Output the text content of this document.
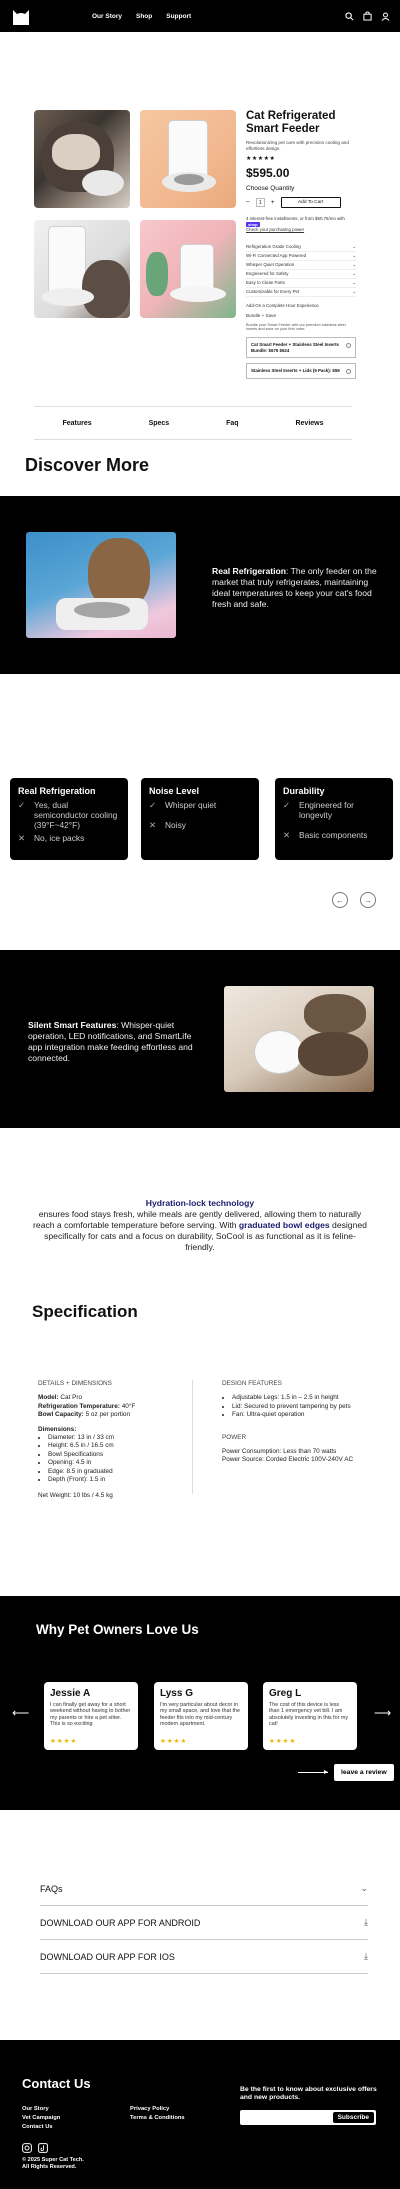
Our Story Shop Support
Cat Refrigerated Smart Feeder
Revolutionizing pet care with precision cooling and effortless design.
★★★★★
$595.00
Choose Quantity
−	1	+	Add To Cart
4 interest-free installments, or from $50.75/mo with shop
Check your purchasing power
Refrigeration Grade Cooling	⌄
Wi-Fi Connected App Powered	⌄
Whisper Quiet Operation	⌄
Engineered for Safety	⌄
Easy to Clean Parts	⌄
Customizable for Every Pet	⌄
Add-On a Complete Hour Experience
Bundle + Save
Bundle your Smart Feeder with our premium stainless steel inserts and save on your first order.
Cat Smart Feeder + Stainless Steel Inserts Bundle: $675 $624
Stainless Steel Inserts + Lids (6 Pack): $59
Features	Specs	Faq	Reviews
Discover More
Real Refrigeration: The only feeder on the market that truly refrigerates, maintaining ideal temperatures to keep your cat's food fresh and safe.
Real Refrigeration
✓	Yes, dual semiconductor cooling (39°F~42°F)
✕	No, ice packs
Noise Level
✓	Whisper quiet
✕	Noisy
Durability
✓	Engineered for longevity
✕	Basic components
←	→
Silent Smart Features: Whisper-quiet operation, LED notifications, and SmartLife app integration make feeding effortless and connected.
Hydration-lock technology
ensures food stays fresh, while meals are gently delivered, allowing them to naturally reach a comfortable temperature before serving. With graduated bowl edges designed specifically for cats and a focus on durability, SoCool is as functional as it is feline-friendly.
Specification
DETAILS + DIMENSIONS
Model: Cat Pro
Refrigeration Temperature: 40°F
Bowl Capacity: 5 oz per portion
Dimensions:
• Diameter: 13 in / 33 cm
• Height: 6.5 in / 16.5 cm
• Bowl Specifications
• Opening: 4.5 in
• Edge: 8.5 in graduated
• Depth (Front): 1.5 in
Net Weight: 10 lbs / 4.5 kg
DESIGN FEATURES
• Adjustable Legs: 1.5 in – 2.5 in height
• Lid: Secured to prevent tampering by pets
• Fan: Ultra-quiet operation
POWER
Power Consumption: Less than 70 watts
Power Source: Corded Electric 100V-240V AC
Why Pet Owners Love Us
⟵
Jessie A

I can finally get away for a short weekend without having to bother my parents or hire a pet sitter. This is so exciting

★★★★
Lyss G

I'm very particular about decor in my small space, and love that the feeder fits into my mid-century modern apartment.

★★★★
Greg L

The cost of this device is less than 1 emergency vet bill. I am absolutely investing in this for my cat!

★★★★
⟶
leave a review
FAQs	⌄
DOWNLOAD OUR APP FOR ANDROID	⤓
DOWNLOAD OUR APP FOR IOS	⤓
Contact Us
Our Story
Vet Campaign
Contact Us
Privacy Policy
Terms & Conditions
Be the first to know about exclusive offers and new products.
Subscribe
© 2025 Super Cat Tech.
All Rights Reserved.
